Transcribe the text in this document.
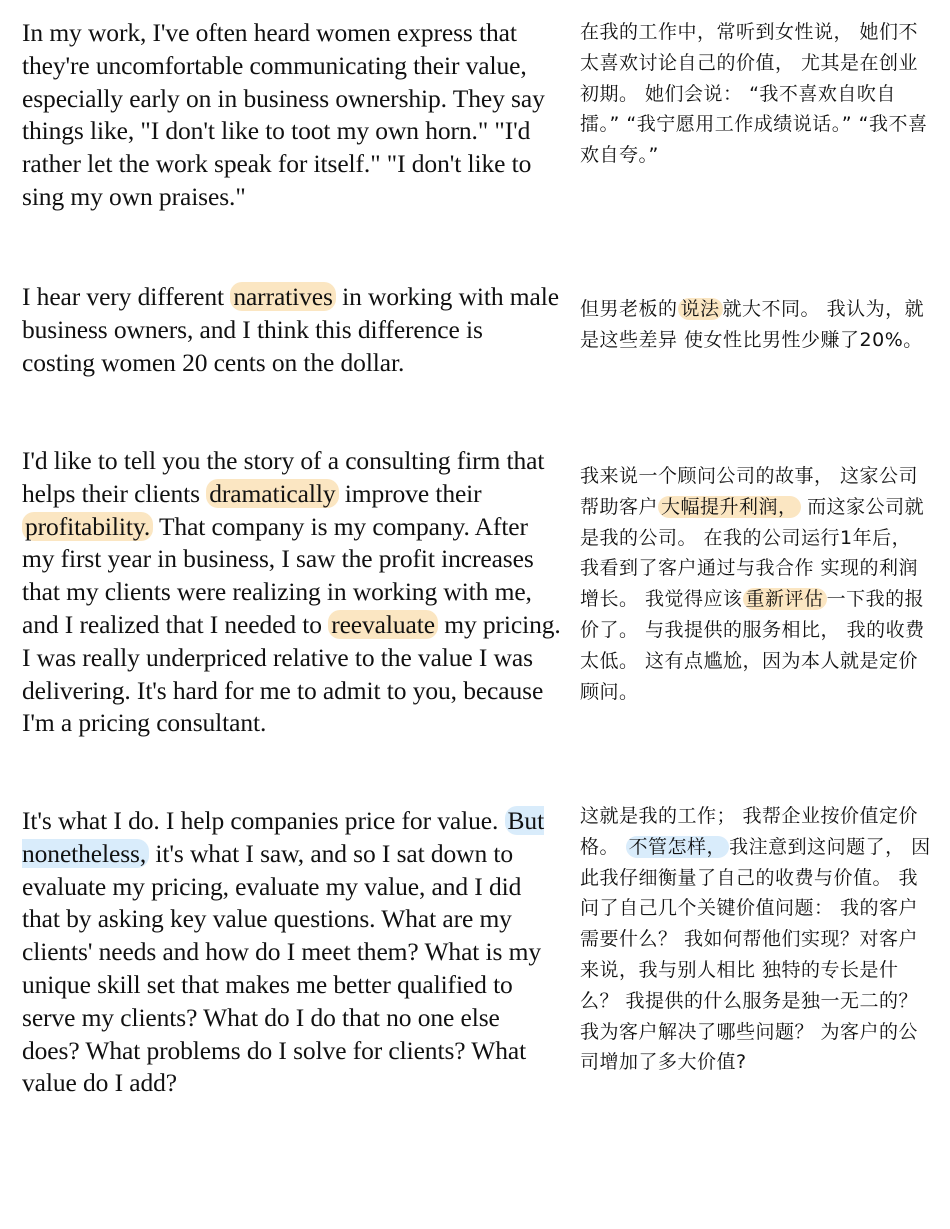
In my work, I've often heard women express that they're uncomfortable communicating their value, especially early on in business ownership. They say things like, "I don't like to toot my own horn." "I'd rather let the work speak for itself." "I don't like to sing my own praises."

I hear very different narratives in working with male business owners, and I think this difference is costing women 20 cents on the dollar.

I'd like to tell you the story of a consulting firm that helps their clients dramatically improve their profitability. That company is my company. After my first year in business, I saw the profit increases that my clients were realizing in working with me, and I realized that I needed to reevaluate my pricing. I was really underpriced relative to the value I was delivering. It's hard for me to admit to you, because I'm a pricing consultant.

It's what I do. I help companies price for value. But nonetheless, it's what I saw, and so I sat down to evaluate my pricing, evaluate my value, and I did that by asking key value questions. What are my clients' needs and how do I meet them? What is my unique skill set that makes me better qualified to serve my clients? What do I do that no one else does? What problems do I solve for clients? What value do I add?

在我的工作中，常听到女性说， 她们不太喜欢讨论自己的价值， 尤其是在创业初期。 她们会说： “我不喜欢自吹自擂。” “我宁愿用工作成绩说话。” “我不喜欢自夸。”

但男老板的 说法 就大不同。 我认为，就是这些差异 使女性比男性少赚了20%。

我来说一个顾问公司的故事， 这家公司帮助客户 大幅提升利润， 而这家公司就是我的公司。 在我的公司运行1年后， 我看到了客户通过与我合作 实现的利润增长。 我觉得应该 重新评估 一下我的报价了。 与我提供的服务相比， 我的收费太低。 这有点尴尬，因为本人就是定价顾问。

这就是我的工作； 我帮企业按价值定价格。 不管怎样， 我注意到这问题了， 因此我仔细衡量了自己的收费与价值。 我问了自己几个关键价值问题： 我的客户需要什么？ 我如何帮他们实现？对客户来说，我与别人相比 独特的专长是什么？ 我提供的什么服务是独一无二的？ 我为客户解决了哪些问题？ 为客户的公司增加了多大价值?
